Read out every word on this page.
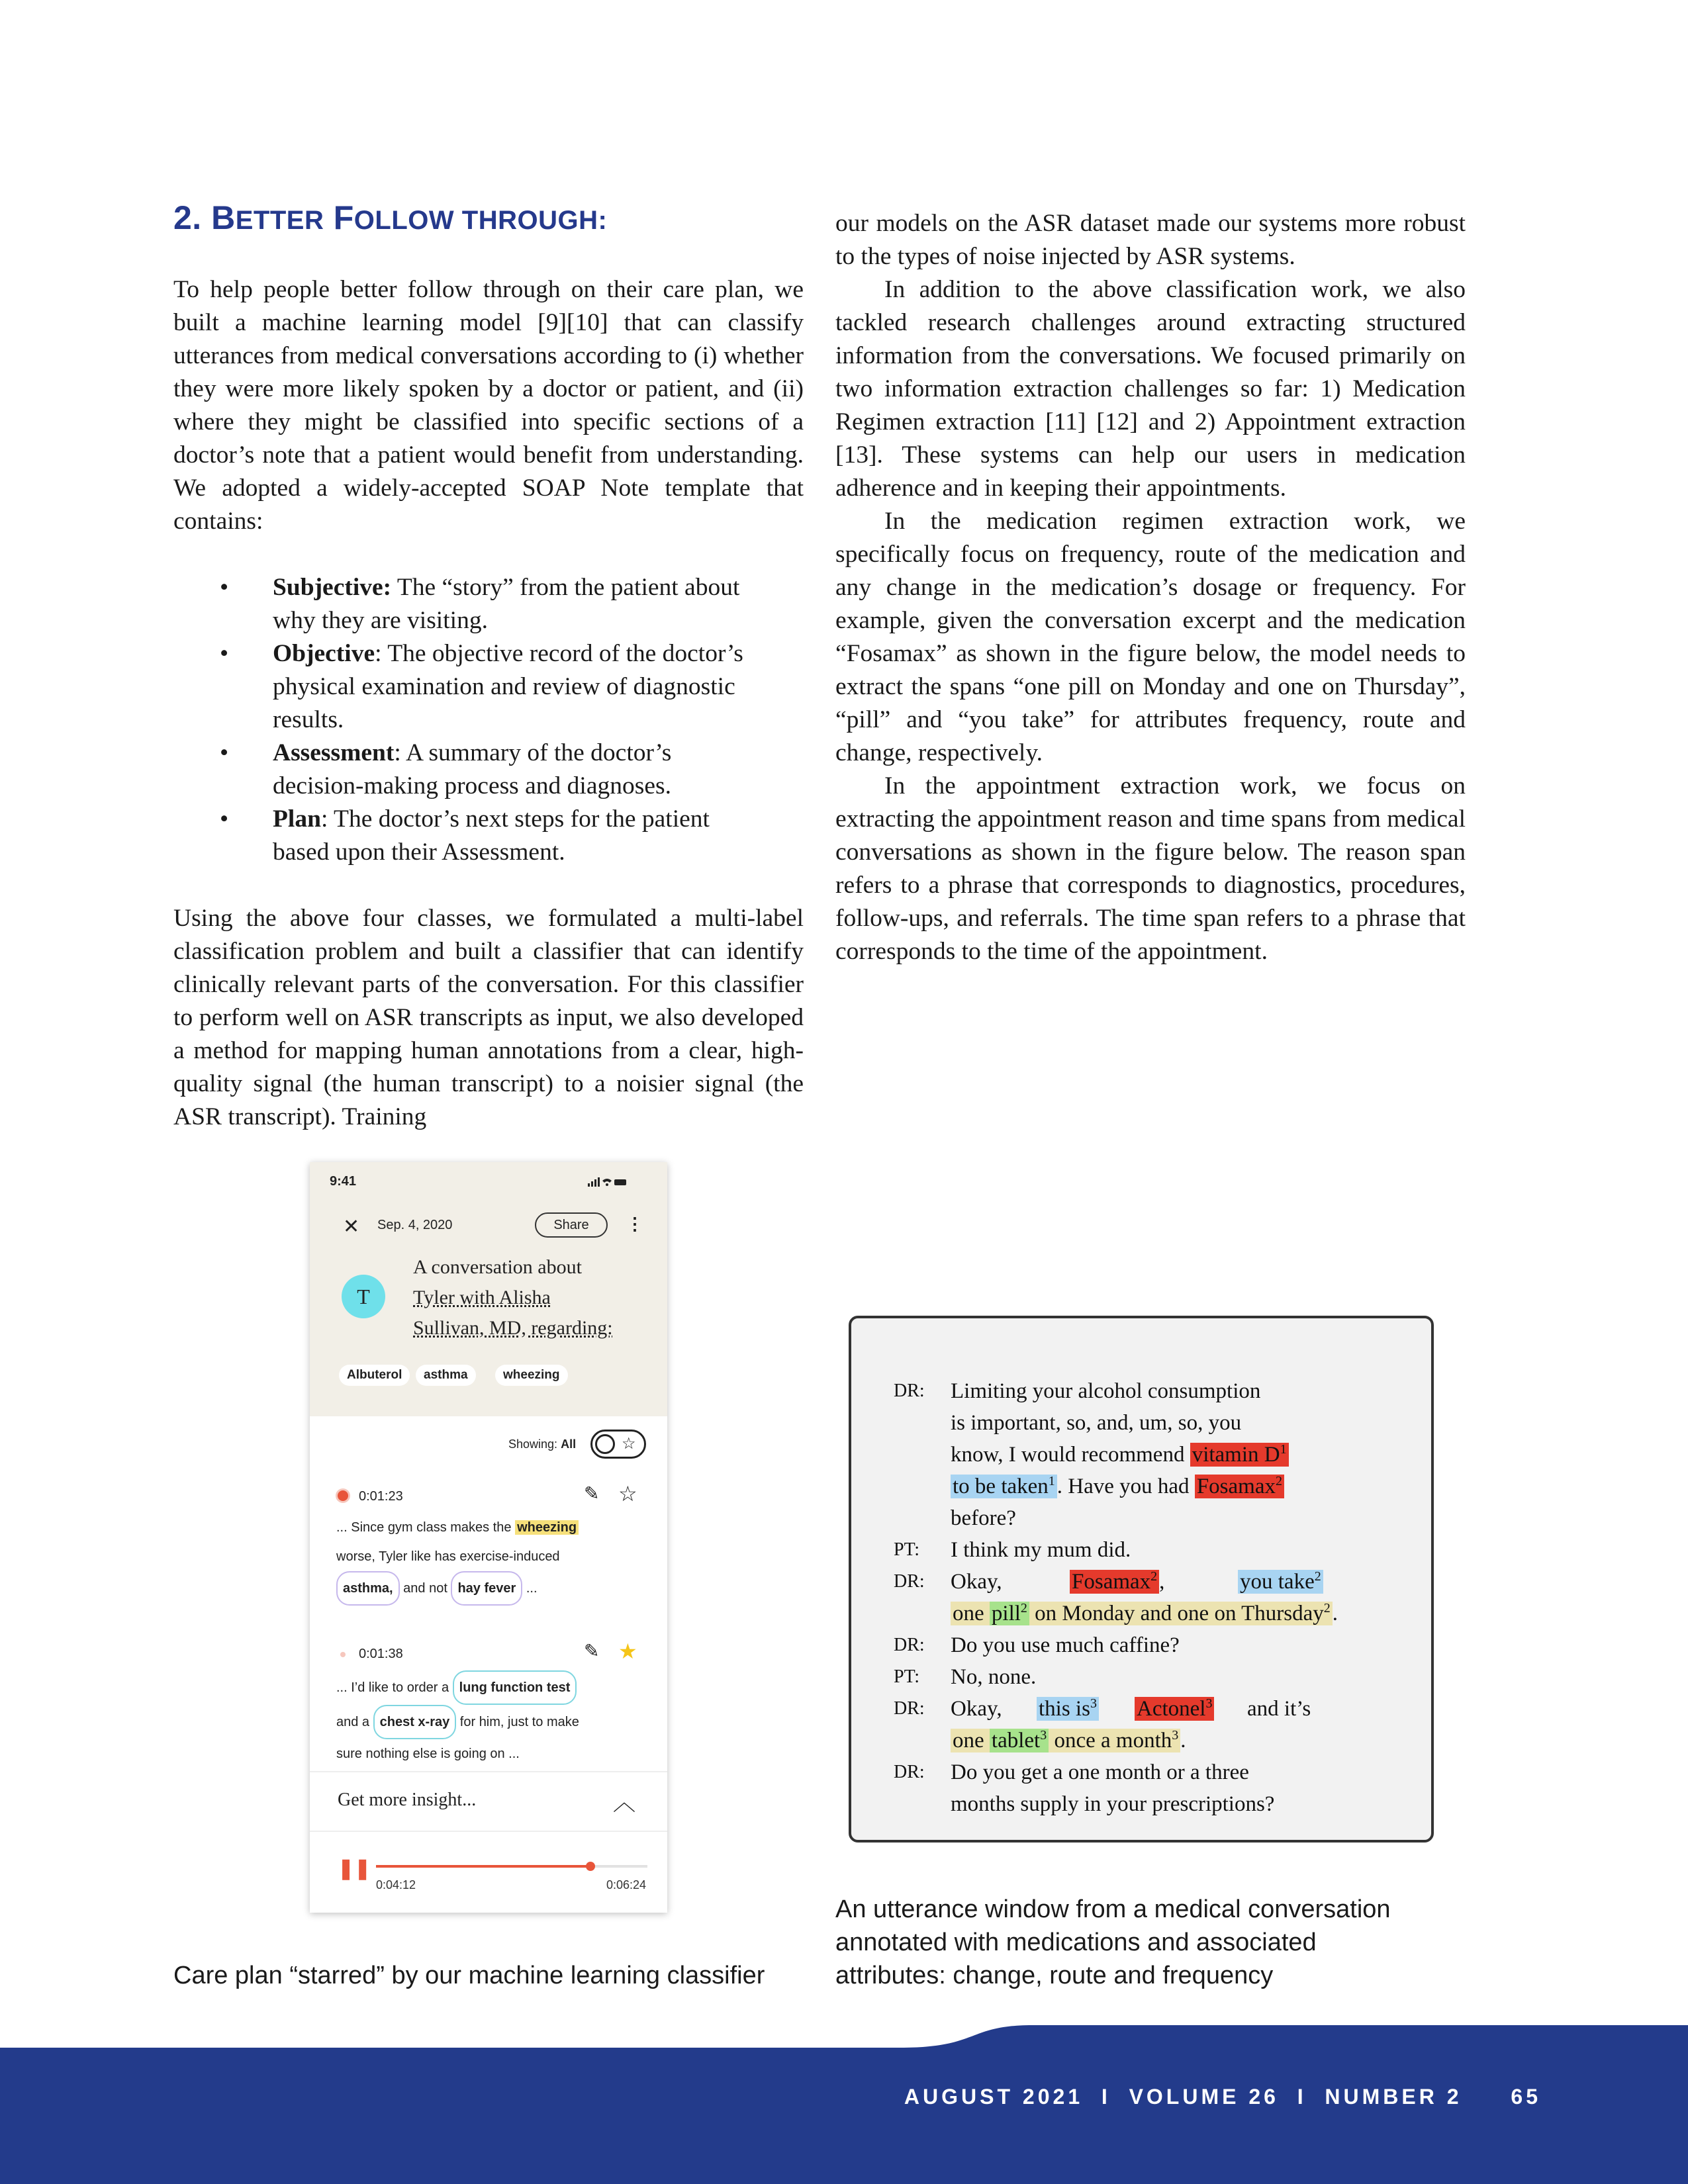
2. BETTER FOLLOW THROUGH:

To help people better follow through on their care plan, we built a machine learning model [9][10] that can classify utterances from medical conversations according to (i) whether they were more likely spoken by a doctor or patient, and (ii) where they might be classified into specific sections of a doctor’s note that a patient would benefit from understanding. We adopted a widely-accepted SOAP Note template that contains:

• Subjective: The “story” from the patient about why they are visiting.
• Objective: The objective record of the doctor’s physical examination and review of diagnostic results.
• Assessment: A summary of the doctor’s decision-making process and diagnoses.
• Plan: The doctor’s next steps for the patient based upon their Assessment.

Using the above four classes, we formulated a multi-label classification problem and built a classifier that can identify clinically relevant parts of the conversation. For this classifier to perform well on ASR transcripts as input, we also developed a method for mapping human annotations from a clear, high-quality signal (the human transcript) to a noisier signal (the ASR transcript). Training

our models on the ASR dataset made our systems more robust to the types of noise injected by ASR systems.

In addition to the above classification work, we also tackled research challenges around extracting structured information from the conversations. We focused primarily on two information extraction challenges so far: 1) Medication Regimen extraction [11] [12] and 2) Appointment extraction [13]. These systems can help our users in medication adherence and in keeping their appointments.

In the medication regimen extraction work, we specifically focus on frequency, route of the medication and any change in the medication’s dosage or frequency. For example, given the conversation excerpt and the medication “Fosamax” as shown in the figure below, the model needs to extract the spans “one pill on Monday and one on Thursday”, “pill” and “you take” for attributes frequency, route and change, respectively.

In the appointment extraction work, we focus on extracting the appointment reason and time spans from medical conversations as shown in the figure below. The reason span refers to a phrase that corresponds to diagnostics, procedures, follow-ups, and referrals. The time span refers to a phrase that corresponds to the time of the appointment.

9:41
✕ Sep. 4, 2020	Share	⋮
T
A conversation about
Tyler with Alisha
Sullivan, MD, regarding:
Albuterol	asthma	wheezing
Showing: All	☆
0:01:23	✎ ☆
... Since gym class makes the wheezing
worse, Tyler like has exercise-induced
asthma, and not hay fever ...
0:01:38	✎ ★
... I’d like to order a lung function test
and a chest x-ray for him, just to make
sure nothing else is going on ...
Get more insight...	︿
❚❚
0:04:12	0:06:24
DR: Limiting your alcohol consumption
is important, so, and, um, so, you
know, I would recommend vitamin $D^1$
to be taken$^1$. Have you had Fosamax$^2$
before?
PT: I think my mum did.
DR: Okay,	Fosamax$^2$,	you take$^2$
one pill$^2$ on Monday and one on Thursday$^2$.
DR: Do you use much caffine?
PT: No, none.
DR: Okay, this $is^3$ Actonel$^3$ and it’s
one tablet$^3$ once a month$^3$.
DR: Do you get a one month or a three
months supply in your prescriptions?
Care plan “starred” by our machine learning classifier
An utterance window from a medical conversation
annotated with medications and associated
attributes: change, route and frequency
AUGUST 2021  I  VOLUME 26  I  NUMBER 2 65
